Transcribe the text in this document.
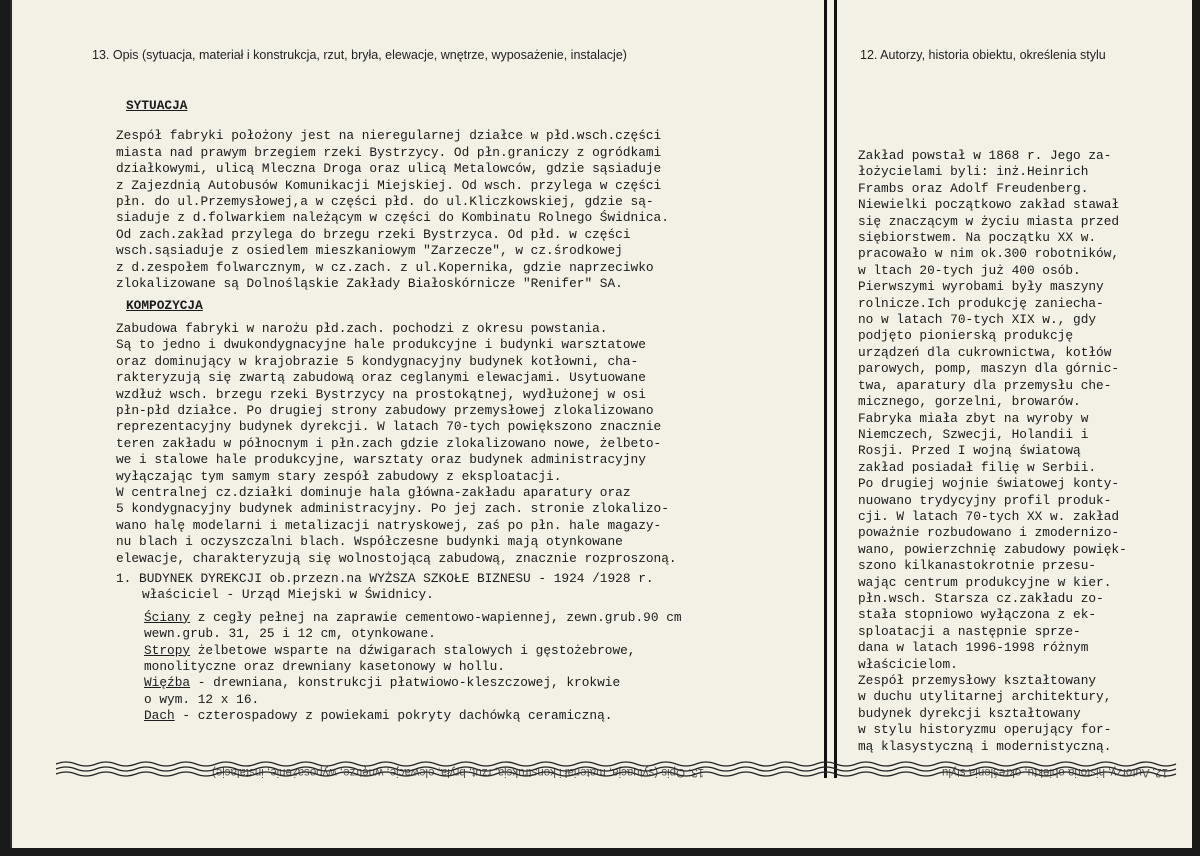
13. Opis (sytuacja, materiał i konstrukcja, rzut, bryła, elewacje, wnętrze, wyposażenie, instalacje)	12. Autorzy, historia obiektu, określenia stylu
SYTUACJA
Zespół fabryki położony jest na nieregularnej działce w płd.wsch.części
miasta nad prawym brzegiem rzeki Bystrzycy. Od płn.graniczy z ogródkami
działkowymi, ulicą Mleczna Droga oraz ulicą Metalowców, gdzie sąsiaduje
z Zajezdnią Autobusów Komunikacji Miejskiej. Od wsch. przylega w części
płn. do ul.Przemysłowej,a w części płd. do ul.Kliczkowskiej, gdzie są-
siaduje z d.folwarkiem należącym w części do Kombinatu Rolnego Świdnica.
Od zach.zakład przylega do brzegu rzeki Bystrzyca. Od płd. w części
wsch.sąsiaduje z osiedlem mieszkaniowym "Zarzecze", w cz.środkowej
z d.zespołem folwarcznym, w cz.zach. z ul.Kopernika, gdzie naprzeciwko
zlokalizowane są Dolnośląskie Zakłady Białoskórnicze "Renifer" SA.
KOMPOZYCJA
Zabudowa fabryki w narożu płd.zach. pochodzi z okresu powstania.
Są to jedno i dwukondygnacyjne hale produkcyjne i budynki warsztatowe
oraz dominujący w krajobrazie 5 kondygnacyjny budynek kotłowni, cha-
rakteryzują się zwartą zabudową oraz ceglanymi elewacjami. Usytuowane
wzdłuż wsch. brzegu rzeki Bystrzycy na prostokątnej, wydłużonej w osi
płn-płd działce. Po drugiej strony zabudowy przemysłowej zlokalizowano
reprezentacyjny budynek dyrekcji. W latach 70-tych powiększono znacznie
teren zakładu w północnym i płn.zach gdzie zlokalizowano nowe, żelbeto-
we i stalowe hale produkcyjne, warsztaty oraz budynek administracyjny
wyłączając tym samym stary zespół zabudowy z eksploatacji.
W centralnej cz.działki dominuje hala główna-zakładu aparatury oraz
5 kondygnacyjny budynek administracyjny. Po jej zach. stronie zlokalizo-
wano halę modelarni i metalizacji natryskowej, zaś po płn. hale magazy-
nu blach i oczyszczalni blach. Współczesne budynki mają otynkowane
elewacje, charakteryzują się wolnostojącą zabudową, znacznie rozproszoną.
1. BUDYNEK DYREKCJI ob.przezn.na WYŻSZA SZKOŁE BIZNESU - 1924 /1928 r.
właściciel - Urząd Miejski w Świdnicy.
Ściany z cegły pełnej na zaprawie cementowo-wapiennej, zewn.grub.90 cm
wewn.grub. 31, 25 i 12 cm, otynkowane.
Stropy żelbetowe wsparte na dźwigarach stalowych i gęstożebrowe,
monolityczne oraz drewniany kasetonowy w hollu.
Więźba - drewniana, konstrukcji płatwiowo-kleszczowej, krokwie
o wym. 12 x 16.
Dach - czterospadowy z powiekami pokryty dachówką ceramiczną.
Zakład powstał w 1868 r. Jego za-
łożycielami byli: inż.Heinrich
Frambs oraz Adolf Freudenberg.
Niewielki początkowo zakład stawał
się znaczącym w życiu miasta przed
siębiorstwem. Na początku XX w.
pracowało w nim ok.300 robotników,
w ltach 20-tych już 400 osób.
Pierwszymi wyrobami były maszyny
rolnicze.Ich produkcję zaniecha-
no w latach 70-tych XIX w., gdy
podjęto pionierską produkcję
urządzeń dla cukrownictwa, kotłów
parowych, pomp, maszyn dla górnic-
twa, aparatury dla przemysłu che-
micznego, gorzelni, browarów.
Fabryka miała zbyt na wyroby w
Niemczech, Szwecji, Holandii i
Rosji. Przed I wojną światową
zakład posiadał filię w Serbii.
Po drugiej wojnie światowej konty-
nuowano trydycyjny profil produk-
cji. W latach 70-tych XX w. zakład
poważnie rozbudowano i zmodernizo-
wano, powierzchnię zabudowy powięk-
szono kilkanastokrotnie przesu-
wając centrum produkcyjne w kier.
płn.wsch. Starsza cz.zakładu zo-
stała stopniowo wyłączona z ek-
sploatacji a następnie sprze-
dana w latach 1996-1998 różnym
właścicielom.
Zespół przemysłowy kształtowany
w duchu utylitarnej architektury,
budynek dyrekcji kształtowany
w stylu historyzmu operujący for-
mą klasystyczną i modernistyczną.
13. Opis (sytuacja, materiał i konstrukcja, rzut, bryła, elewacje, wnętrze, wyposażenie, instalacje)	12. Autorzy, historia obiektu, określenia stylu
